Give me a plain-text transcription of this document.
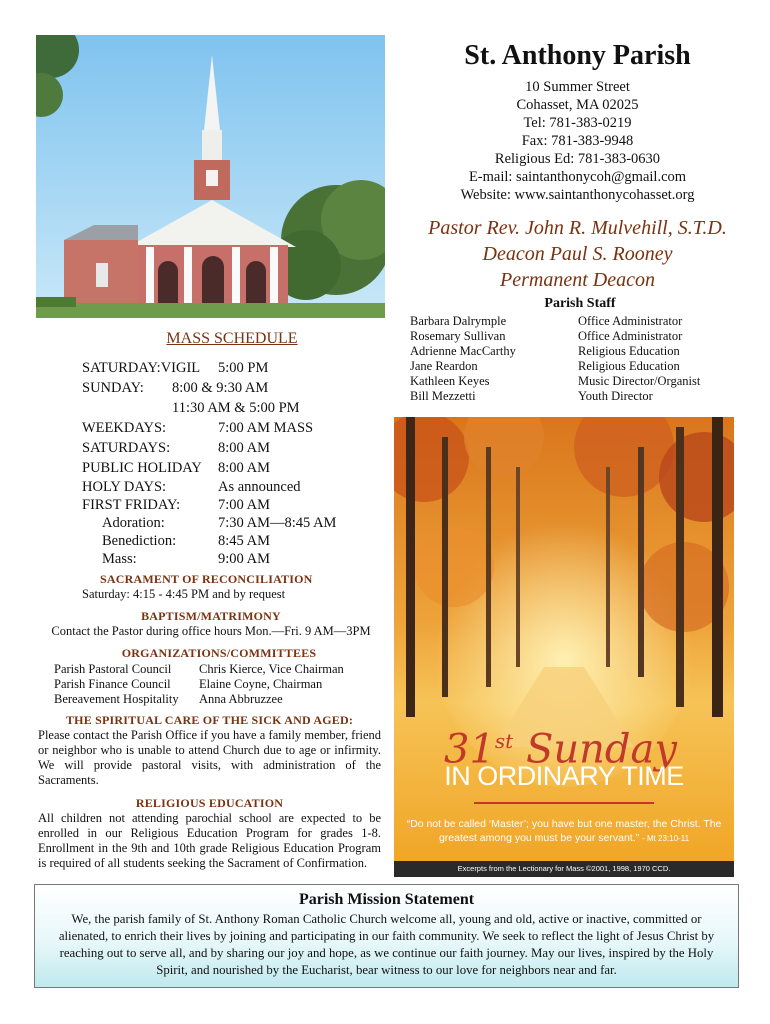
St. Anthony Parish
10 Summer Street
Cohasset, MA 02025
Tel: 781-383-0219
Fax: 781-383-9948
Religious Ed: 781-383-0630
E-mail: saintanthonycoh@gmail.com
Website: www.saintanthonycohasset.org
Pastor Rev. John R. Mulvehill, S.T.D.
Deacon Paul S. Rooney
Permanent Deacon
Parish Staff
Barbara Dalrymple	Office Administrator
Rosemary Sullivan	Office Administrator
Adrienne MacCarthy	Religious Education
Jane Reardon	Religious Education
Kathleen Keyes	Music Director/Organist
Bill Mezzetti	Youth Director
MASS SCHEDULE
SATURDAY:VIGIL	5:00 PM
SUNDAY:	8:00 & 9:30 AM
11:30 AM & 5:00 PM
WEEKDAYS:	7:00 AM MASS
SATURDAYS:	8:00 AM
PUBLIC HOLIDAY	8:00 AM
HOLY DAYS:	As announced
FIRST FRIDAY:	7:00 AM
Adoration:	7:30 AM—8:45 AM
Benediction:	8:45 AM
Mass:	9:00 AM
SACRAMENT OF RECONCILIATION
Saturday: 4:15 - 4:45 PM and by request
BAPTISM/MATRIMONY
Contact the Pastor during office hours Mon.—Fri. 9 AM—3PM
ORGANIZATIONS/COMMITTEES
Parish Pastoral Council	Chris Kierce, Vice Chairman
Parish Finance Council	Elaine Coyne, Chairman
Bereavement Hospitality	Anna Abbruzzee
THE SPIRITUAL CARE OF THE SICK AND AGED:
Please contact the Parish Office if you have a family member, friend or neighbor who is unable to attend Church due to age or infirmity. We will provide pastoral visits, with administration of the Sacraments.
RELIGIOUS EDUCATION
All children not attending parochial school are expected to be enrolled in our Religious Education Program for grades 1-8. Enrollment in the 9th and 10th grade Religious Education Program is required of all students seeking the Sacrament of Confirmation.
31st Sunday
IN ORDINARY TIME
“Do not be called ‘Master’; you have but one master, the Christ. The greatest among you must be your servant.” - Mt 23:10-11
Excerpts from the Lectionary for Mass ©2001, 1998, 1970 CCD.
Parish Mission Statement
We, the parish family of St. Anthony Roman Catholic Church welcome all, young and old, active or inactive, committed or alienated, to enrich their lives by joining and participating in our faith community. We seek to reflect the light of Jesus Christ by reaching out to serve all, and by sharing our joy and hope, as we continue our faith journey. May our lives, inspired by the Holy Spirit, and nourished by the Eucharist, bear witness to our love for neighbors near and far.
